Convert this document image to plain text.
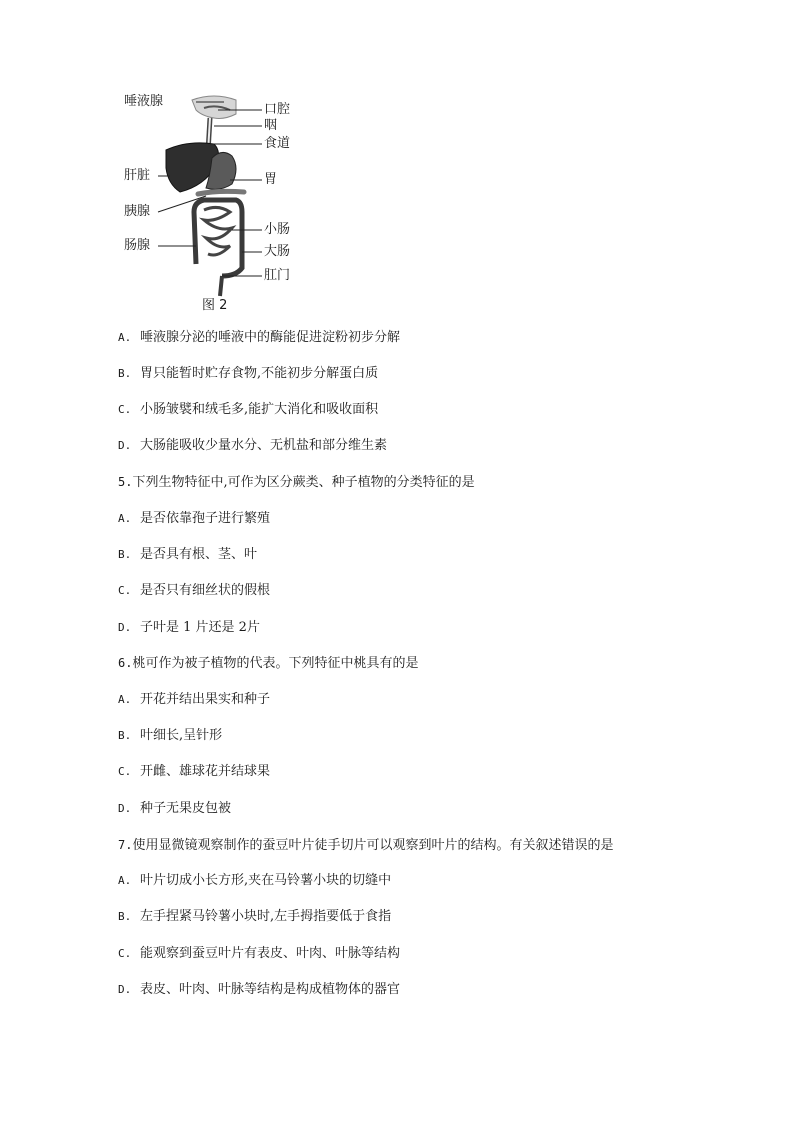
唾液腺
肝脏
胰腺
肠腺
口腔
咽
食道
胃
小肠
大肠
肛门
图 2
A. 唾液腺分泌的唾液中的酶能促进淀粉初步分解
B. 胃只能暂时贮存食物,不能初步分解蛋白质
C. 小肠皱襞和绒毛多,能扩大消化和吸收面积
D. 大肠能吸收少量水分、无机盐和部分维生素
5.下列生物特征中,可作为区分蕨类、种子植物的分类特征的是
A. 是否依靠孢子进行繁殖
B. 是否具有根、茎、叶
C. 是否只有细丝状的假根
D. 子叶是 1 片还是 2片
6.桃可作为被子植物的代表。下列特征中桃具有的是
A. 开花并结出果实和种子
B. 叶细长,呈针形
C. 开雌、雄球花并结球果
D. 种子无果皮包被
7.使用显微镜观察制作的蚕豆叶片徒手切片可以观察到叶片的结构。有关叙述错误的是
A. 叶片切成小长方形,夹在马铃薯小块的切缝中
B. 左手捏紧马铃薯小块时,左手拇指要低于食指
C. 能观察到蚕豆叶片有表皮、叶肉、叶脉等结构
D. 表皮、叶肉、叶脉等结构是构成植物体的器官
